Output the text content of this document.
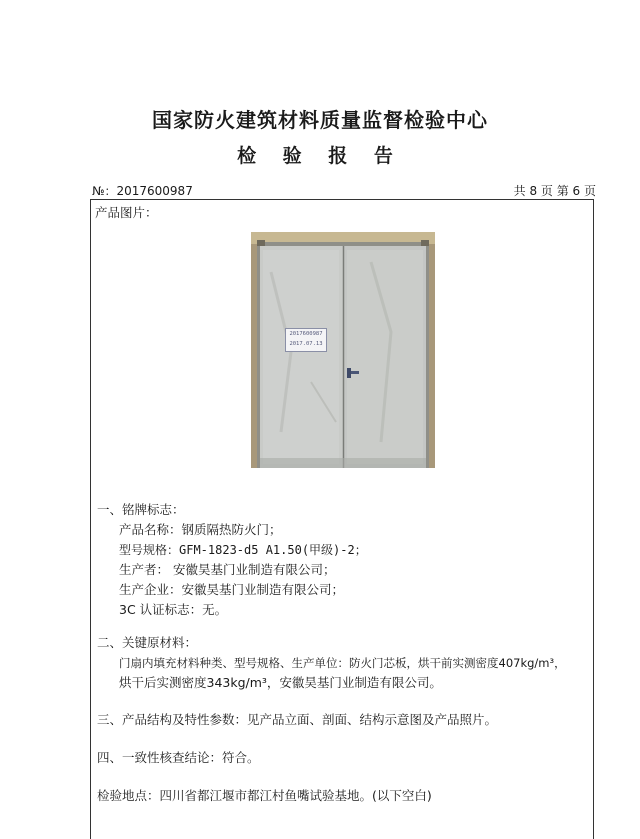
国家防火建筑材料质量监督检验中心
检 验 报 告
№：2017600987	共 8 页 第 6 页
产品图片：
2017600987
2017.07.13
一、铭牌标志：
产品名称：钢质隔热防火门；
型号规格：GFM-1823-d5 A1.50(甲级)-2；
生产者： 安徽昊基门业制造有限公司；
生产企业：安徽昊基门业制造有限公司；
3C 认证标志：无。
二、关键原材料：
门扇内填充材料种类、型号规格、生产单位：防火门芯板，烘干前实测密度407kg/m³，
烘干后实测密度343kg/m³，安徽昊基门业制造有限公司。
三、产品结构及特性参数：见产品立面、剖面、结构示意图及产品照片。
四、一致性核查结论：符合。
检验地点：四川省都江堰市都江村鱼嘴试验基地。(以下空白)
